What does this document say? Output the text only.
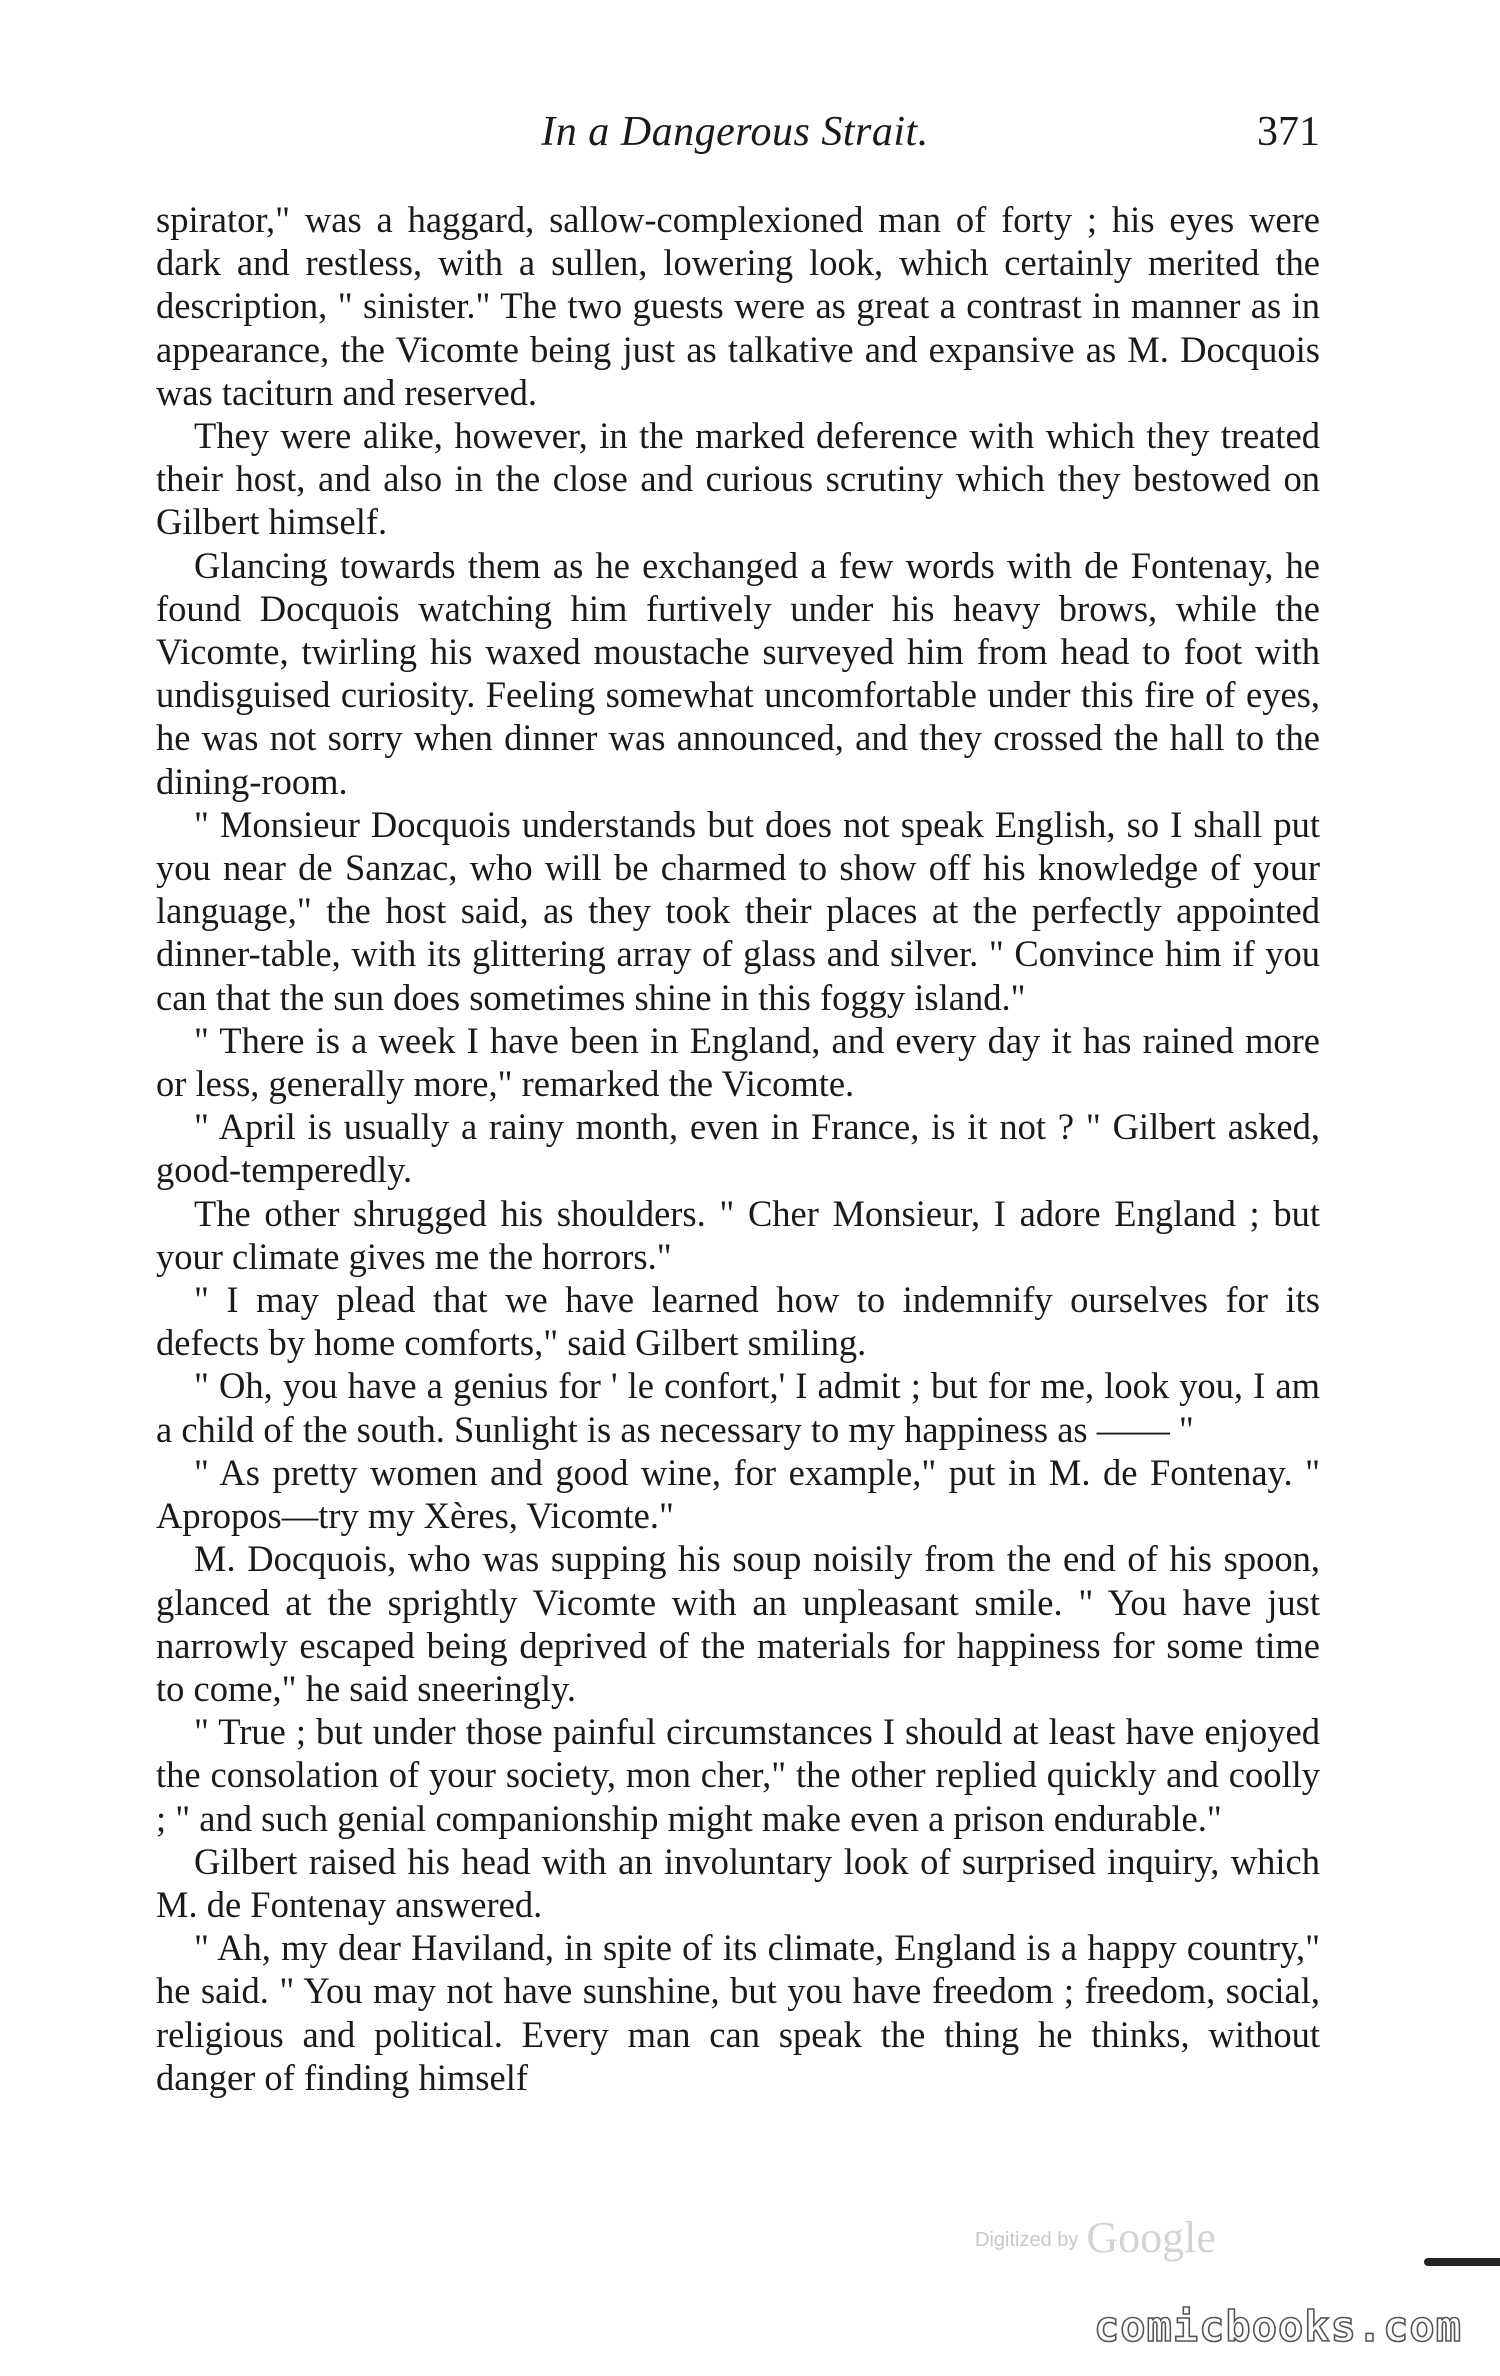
In a Dangerous Strait.	371

spirator," was a haggard, sallow-complexioned man of forty ; his eyes were dark and restless, with a sullen, lowering look, which certainly merited the description, " sinister." The two guests were as great a contrast in manner as in appearance, the Vicomte being just as talkative and expansive as M. Docquois was taciturn and reserved.

They were alike, however, in the marked deference with which they treated their host, and also in the close and curious scrutiny which they bestowed on Gilbert himself.

Glancing towards them as he exchanged a few words with de Fontenay, he found Docquois watching him furtively under his heavy brows, while the Vicomte, twirling his waxed moustache surveyed him from head to foot with undisguised curiosity. Feeling somewhat uncomfortable under this fire of eyes, he was not sorry when dinner was announced, and they crossed the hall to the dining-room.

" Monsieur Docquois understands but does not speak English, so I shall put you near de Sanzac, who will be charmed to show off his knowledge of your language," the host said, as they took their places at the perfectly appointed dinner-table, with its glittering array of glass and silver. " Convince him if you can that the sun does sometimes shine in this foggy island."

" There is a week I have been in England, and every day it has rained more or less, generally more," remarked the Vicomte.

" April is usually a rainy month, even in France, is it not ? " Gilbert asked, good-temperedly.

The other shrugged his shoulders. " Cher Monsieur, I adore England ; but your climate gives me the horrors."

" I may plead that we have learned how to indemnify ourselves for its defects by home comforts," said Gilbert smiling.

" Oh, you have a genius for ' le confort,' I admit ; but for me, look you, I am a child of the south. Sunlight is as necessary to my happiness as —— "

" As pretty women and good wine, for example," put in M. de Fontenay. " Apropos—try my Xères, Vicomte."

M. Docquois, who was supping his soup noisily from the end of his spoon, glanced at the sprightly Vicomte with an unpleasant smile. " You have just narrowly escaped being deprived of the materials for happiness for some time to come," he said sneeringly.

" True ; but under those painful circumstances I should at least have enjoyed the consolation of your society, mon cher," the other replied quickly and coolly ; " and such genial companionship might make even a prison endurable."

Gilbert raised his head with an involuntary look of surprised inquiry, which M. de Fontenay answered.

" Ah, my dear Haviland, in spite of its climate, England is a happy country," he said. " You may not have sunshine, but you have freedom ; freedom, social, religious and political. Every man can speak the thing he thinks, without danger of finding himself

Digitized by Google
comicbooks.com
